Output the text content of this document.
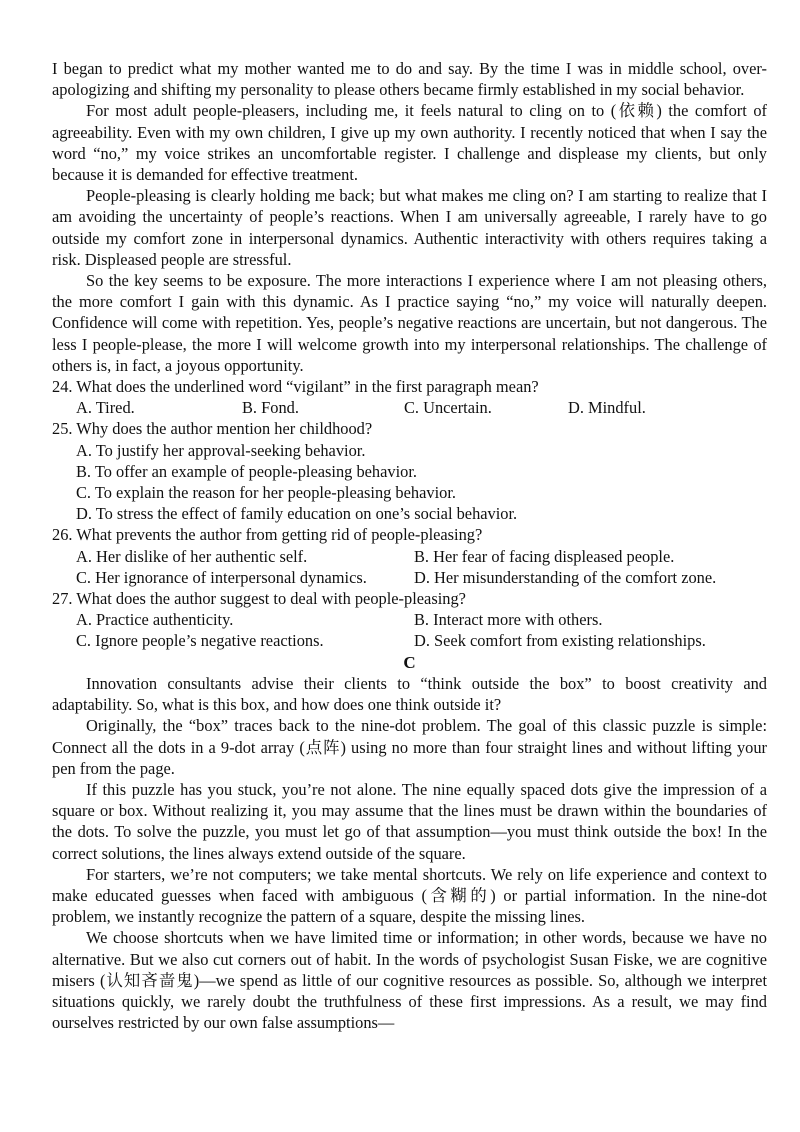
I began to predict what my mother wanted me to do and say. By the time I was in middle school, over-apologizing and shifting my personality to please others became firmly established in my social behavior.

For most adult people-pleasers, including me, it feels natural to cling on to (依赖) the comfort of agreeability. Even with my own children, I give up my own authority. I recently noticed that when I say the word “no,” my voice strikes an uncomfortable register. I challenge and displease my clients, but only because it is demanded for effective treatment.

People-pleasing is clearly holding me back; but what makes me cling on? I am starting to realize that I am avoiding the uncertainty of people’s reactions. When I am universally agreeable, I rarely have to go outside my comfort zone in interpersonal dynamics. Authentic interactivity with others requires taking a risk. Displeased people are stressful.

So the key seems to be exposure. The more interactions I experience where I am not pleasing others, the more comfort I gain with this dynamic. As I practice saying “no,” my voice will naturally deepen. Confidence will come with repetition. Yes, people’s negative reactions are uncertain, but not dangerous. The less I people-please, the more I will welcome growth into my interpersonal relationships. The challenge of others is, in fact, a joyous opportunity.

24. What does the underlined word “vigilant” in the first paragraph mean?

A. Tired.	B. Fond.	C. Uncertain.	D. Mindful.

25. Why does the author mention her childhood?

A. To justify her approval-seeking behavior.

B. To offer an example of people-pleasing behavior.

C. To explain the reason for her people-pleasing behavior.

D. To stress the effect of family education on one’s social behavior.

26. What prevents the author from getting rid of people-pleasing?

A. Her dislike of her authentic self.	B. Her fear of facing displeased people.
C. Her ignorance of interpersonal dynamics.	D. Her misunderstanding of the comfort zone.

27. What does the author suggest to deal with people-pleasing?

A. Practice authenticity.	B. Interact more with others.
C. Ignore people’s negative reactions.	D. Seek comfort from existing relationships.

C

Innovation consultants advise their clients to “think outside the box” to boost creativity and adaptability. So, what is this box, and how does one think outside it?

Originally, the “box” traces back to the nine-dot problem. The goal of this classic puzzle is simple: Connect all the dots in a 9-dot array (点阵) using no more than four straight lines and without lifting your pen from the page.

If this puzzle has you stuck, you’re not alone. The nine equally spaced dots give the impression of a square or box. Without realizing it, you may assume that the lines must be drawn within the boundaries of the dots. To solve the puzzle, you must let go of that assumption—you must think outside the box! In the correct solutions, the lines always extend outside of the square.

For starters, we’re not computers; we take mental shortcuts. We rely on life experience and context to make educated guesses when faced with ambiguous (含糊的) or partial information. In the nine-dot problem, we instantly recognize the pattern of a square, despite the missing lines.

We choose shortcuts when we have limited time or information; in other words, because we have no alternative. But we also cut corners out of habit. In the words of psychologist Susan Fiske, we are cognitive misers (认知吝啬鬼)—we spend as little of our cognitive resources as possible. So, although we interpret situations quickly, we rarely doubt the truthfulness of these first impressions. As a result, we may find ourselves restricted by our own false assumptions—
